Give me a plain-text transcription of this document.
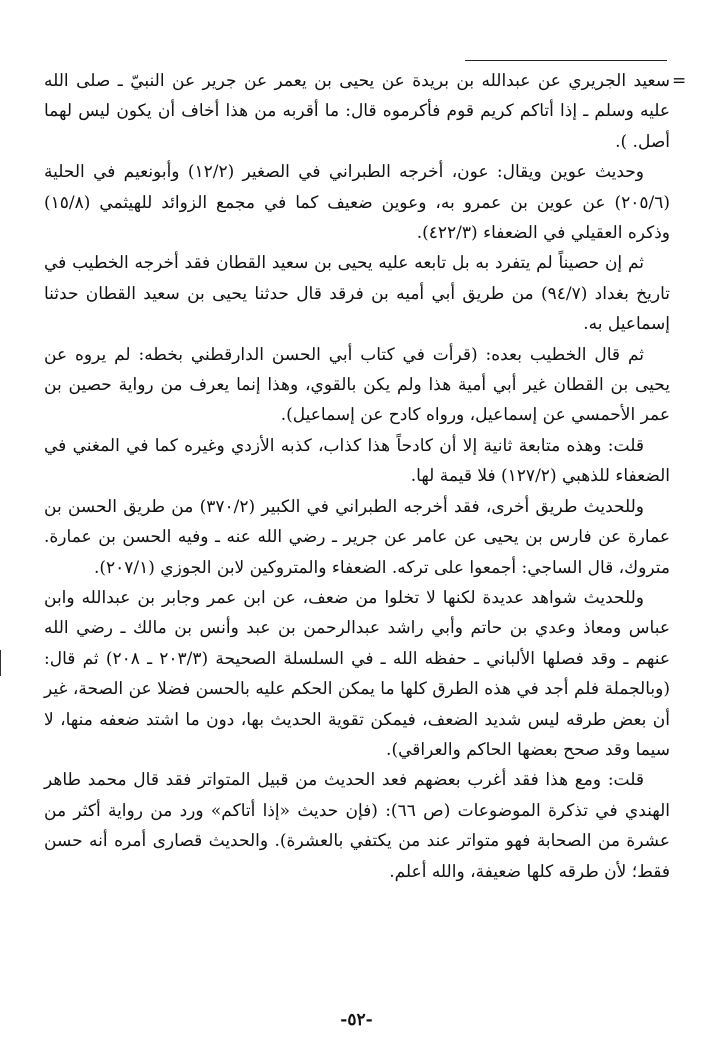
=

سعيد الجريري عن عبدالله بن بريدة عن يحيى بن يعمر عن جرير عن النبيّ ـ صلى الله عليه وسلم ـ إذا أتاكم كريم قوم فأكرموه قال: ما أقربه من هذا أخاف أن يكون ليس لهما أصل. ).

وحديث عوين ويقال: عون، أخرجه الطبراني في الصغير (١٢/٢) وأبونعيم في الحلية (٢٠٥/٦) عن عوين بن عمرو به، وعوين ضعيف كما في مجمع الزوائد للهيثمي (١٥/٨) وذكره العقيلي في الضعفاء (٤٢٢/٣).

ثم إن حصيناً لم يتفرد به بل تابعه عليه يحيى بن سعيد القطان فقد أخرجه الخطيب في تاريخ بغداد (٩٤/٧) من طريق أبي أميه بن فرقد قال حدثنا يحيى بن سعيد القطان حدثنا إسماعيل به.

ثم قال الخطيب بعده: (قرأت في كتاب أبي الحسن الدارقطني بخطه: لم يروه عن يحيى بن القطان غير أبي أمية هذا ولم يكن بالقوي، وهذا إنما يعرف من رواية حصين بن عمر الأحمسي عن إسماعيل، ورواه كادح عن إسماعيل).

قلت: وهذه متابعة ثانية إلا أن كادحاً هذا كذاب، كذبه الأزدي وغيره كما في المغني في الضعفاء للذهبي (١٢٧/٢) فلا قيمة لها.

وللحديث طريق أخرى، فقد أخرجه الطبراني في الكبير (٣٧٠/٢) من طريق الحسن بن عمارة عن فارس بن يحيى عن عامر عن جرير ـ رضي الله عنه ـ وفيه الحسن بن عمارة. متروك، قال الساجي: أجمعوا على تركه. الضعفاء والمتروكين لابن الجوزي (٢٠٧/١).

وللحديث شواهد عديدة لكنها لا تخلوا من ضعف، عن ابن عمر وجابر بن عبدالله وابن عباس ومعاذ وعدي بن حاتم وأبي راشد عبدالرحمن بن عبد وأنس بن مالك ـ رضي الله عنهم ـ وقد فصلها الألباني ـ حفظه الله ـ في السلسلة الصحيحة (٢٠٣/٣ ـ ٢٠٨) ثم قال: (وبالجملة فلم أجد في هذه الطرق كلها ما يمكن الحكم عليه بالحسن فضلا عن الصحة، غير أن بعض طرقه ليس شديد الضعف، فيمكن تقوية الحديث بها، دون ما اشتد ضعفه منها، لا سيما وقد صحح بعضها الحاكم والعراقي).

قلت: ومع هذا فقد أغرب بعضهم فعد الحديث من قبيل المتواتر فقد قال محمد طاهر الهندي في تذكرة الموضوعات (ص ٦٦): (فإن حديث «إذا أتاكم» ورد من رواية أكثر من عشرة من الصحابة فهو متواتر عند من يكتفي بالعشرة). والحديث قصارى أمره أنه حسن فقط؛ لأن طرقه كلها ضعيفة، والله أعلم.

-٥٢-
